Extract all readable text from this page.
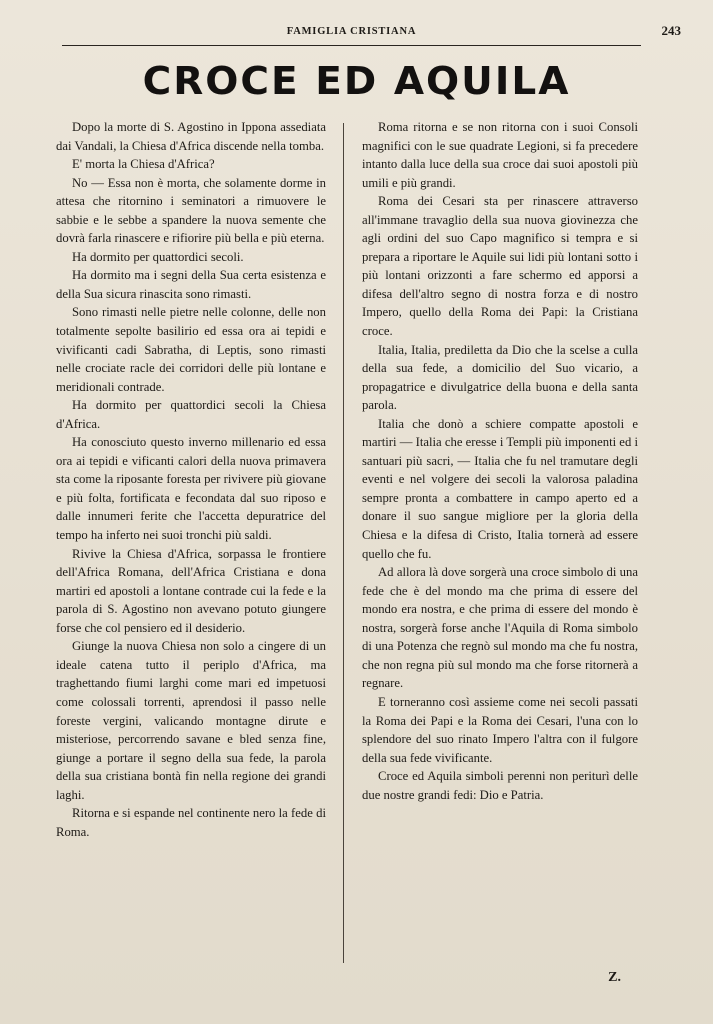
FAMIGLIA CRISTIANA	243
CROCE ED AQUILA

Dopo la morte di S. Agostino in Ippona assediata dai Vandali, la Chiesa d'Africa discende nella tomba.

E' morta la Chiesa d'Africa?

No — Essa non è morta, che solamente dorme in attesa che ritornino i seminatori a rimuovere le sabbie e le sebbe a spandere la nuova semente che dovrà farla rinascere e rifiorire più bella e più eterna.

Ha dormito per quattordici secoli.

Ha dormito ma i segni della Sua certa esistenza e della Sua sicura rinascita sono rimasti.

Sono rimasti nelle pietre nelle colonne, delle non totalmente sepolte basilirio ed essa ora ai tepidi e vivificanti cadi Sabratha, di Leptis, sono rimasti nelle crociate racle dei corridori delle più lontane e meridionali contrade.

Ha dormito per quattordici secoli la Chiesa d'Africa.

Ha conosciuto questo inverno millenario ed essa ora ai tepidi e vificanti calori della nuova primavera sta come la riposante foresta per rivivere più giovane e più folta, fortificata e fecondata dal suo riposo e dalle innumeri ferite che l'accetta depuratrice del tempo ha inferto nei suoi tronchi più saldi.

Rivive la Chiesa d'Africa, sorpassa le frontiere dell'Africa Romana, dell'Africa Cristiana e dona martiri ed apostoli a lontane contrade cui la fede e la parola di S. Agostino non avevano potuto giungere forse che col pensiero ed il desiderio.

Giunge la nuova Chiesa non solo a cingere di un ideale catena tutto il periplo d'Africa, ma traghettando fiumi larghi come mari ed impetuosi come colossali torrenti, aprendosi il passo nelle foreste vergini, valicando montagne dirute e misteriose, percorrendo savane e bled senza fine, giunge a portare il segno della sua fede, la parola della sua cristiana bontà fin nella regione dei grandi laghi.

Ritorna e si espande nel continente nero la fede di Roma.

Roma ritorna e se non ritorna con i suoi Consoli magnifici con le sue quadrate Legioni, si fa precedere intanto dalla luce della sua croce dai suoi apostoli più umili e più grandi.

Roma dei Cesari sta per rinascere attraverso all'immane travaglio della sua nuova giovinezza che agli ordini del suo Capo magnifico si tempra e si prepara a riportare le Aquile sui lidi più lontani sotto i più lontani orizzonti a fare schermo ed apporsi a difesa dell'altro segno di nostra forza e di nostro Impero, quello della Roma dei Papi: la Cristiana croce.

Italia, Italia, prediletta da Dio che la scelse a culla della sua fede, a domicilio del Suo vicario, a propagatrice e divulgatrice della buona e della santa parola.

Italia che donò a schiere compatte apostoli e martiri — Italia che eresse i Templi più imponenti ed i santuari più sacri, — Italia che fu nel tramutare degli eventi e nel volgere dei secoli la valorosa paladina sempre pronta a combattere in campo aperto ed a donare il suo sangue migliore per la gloria della Chiesa e la difesa di Cristo, Italia tornerà ad essere quello che fu.

Ad allora là dove sorgerà una croce simbolo di una fede che è del mondo ma che prima di essere del mondo era nostra, e che prima di essere del mondo è nostra, sorgerà forse anche l'Aquila di Roma simbolo di una Potenza che regnò sul mondo ma che fu nostra, che non regna più sul mondo ma che forse ritornerà a regnare.

E torneranno così assieme come nei secoli passati la Roma dei Papi e la Roma dei Cesari, l'una con lo splendore del suo rinato Impero l'altra con il fulgore della sua fede vivificante.

Croce ed Aquila simboli perenni non periturì delle due nostre grandi fedi: Dio e Patria.

Z.
